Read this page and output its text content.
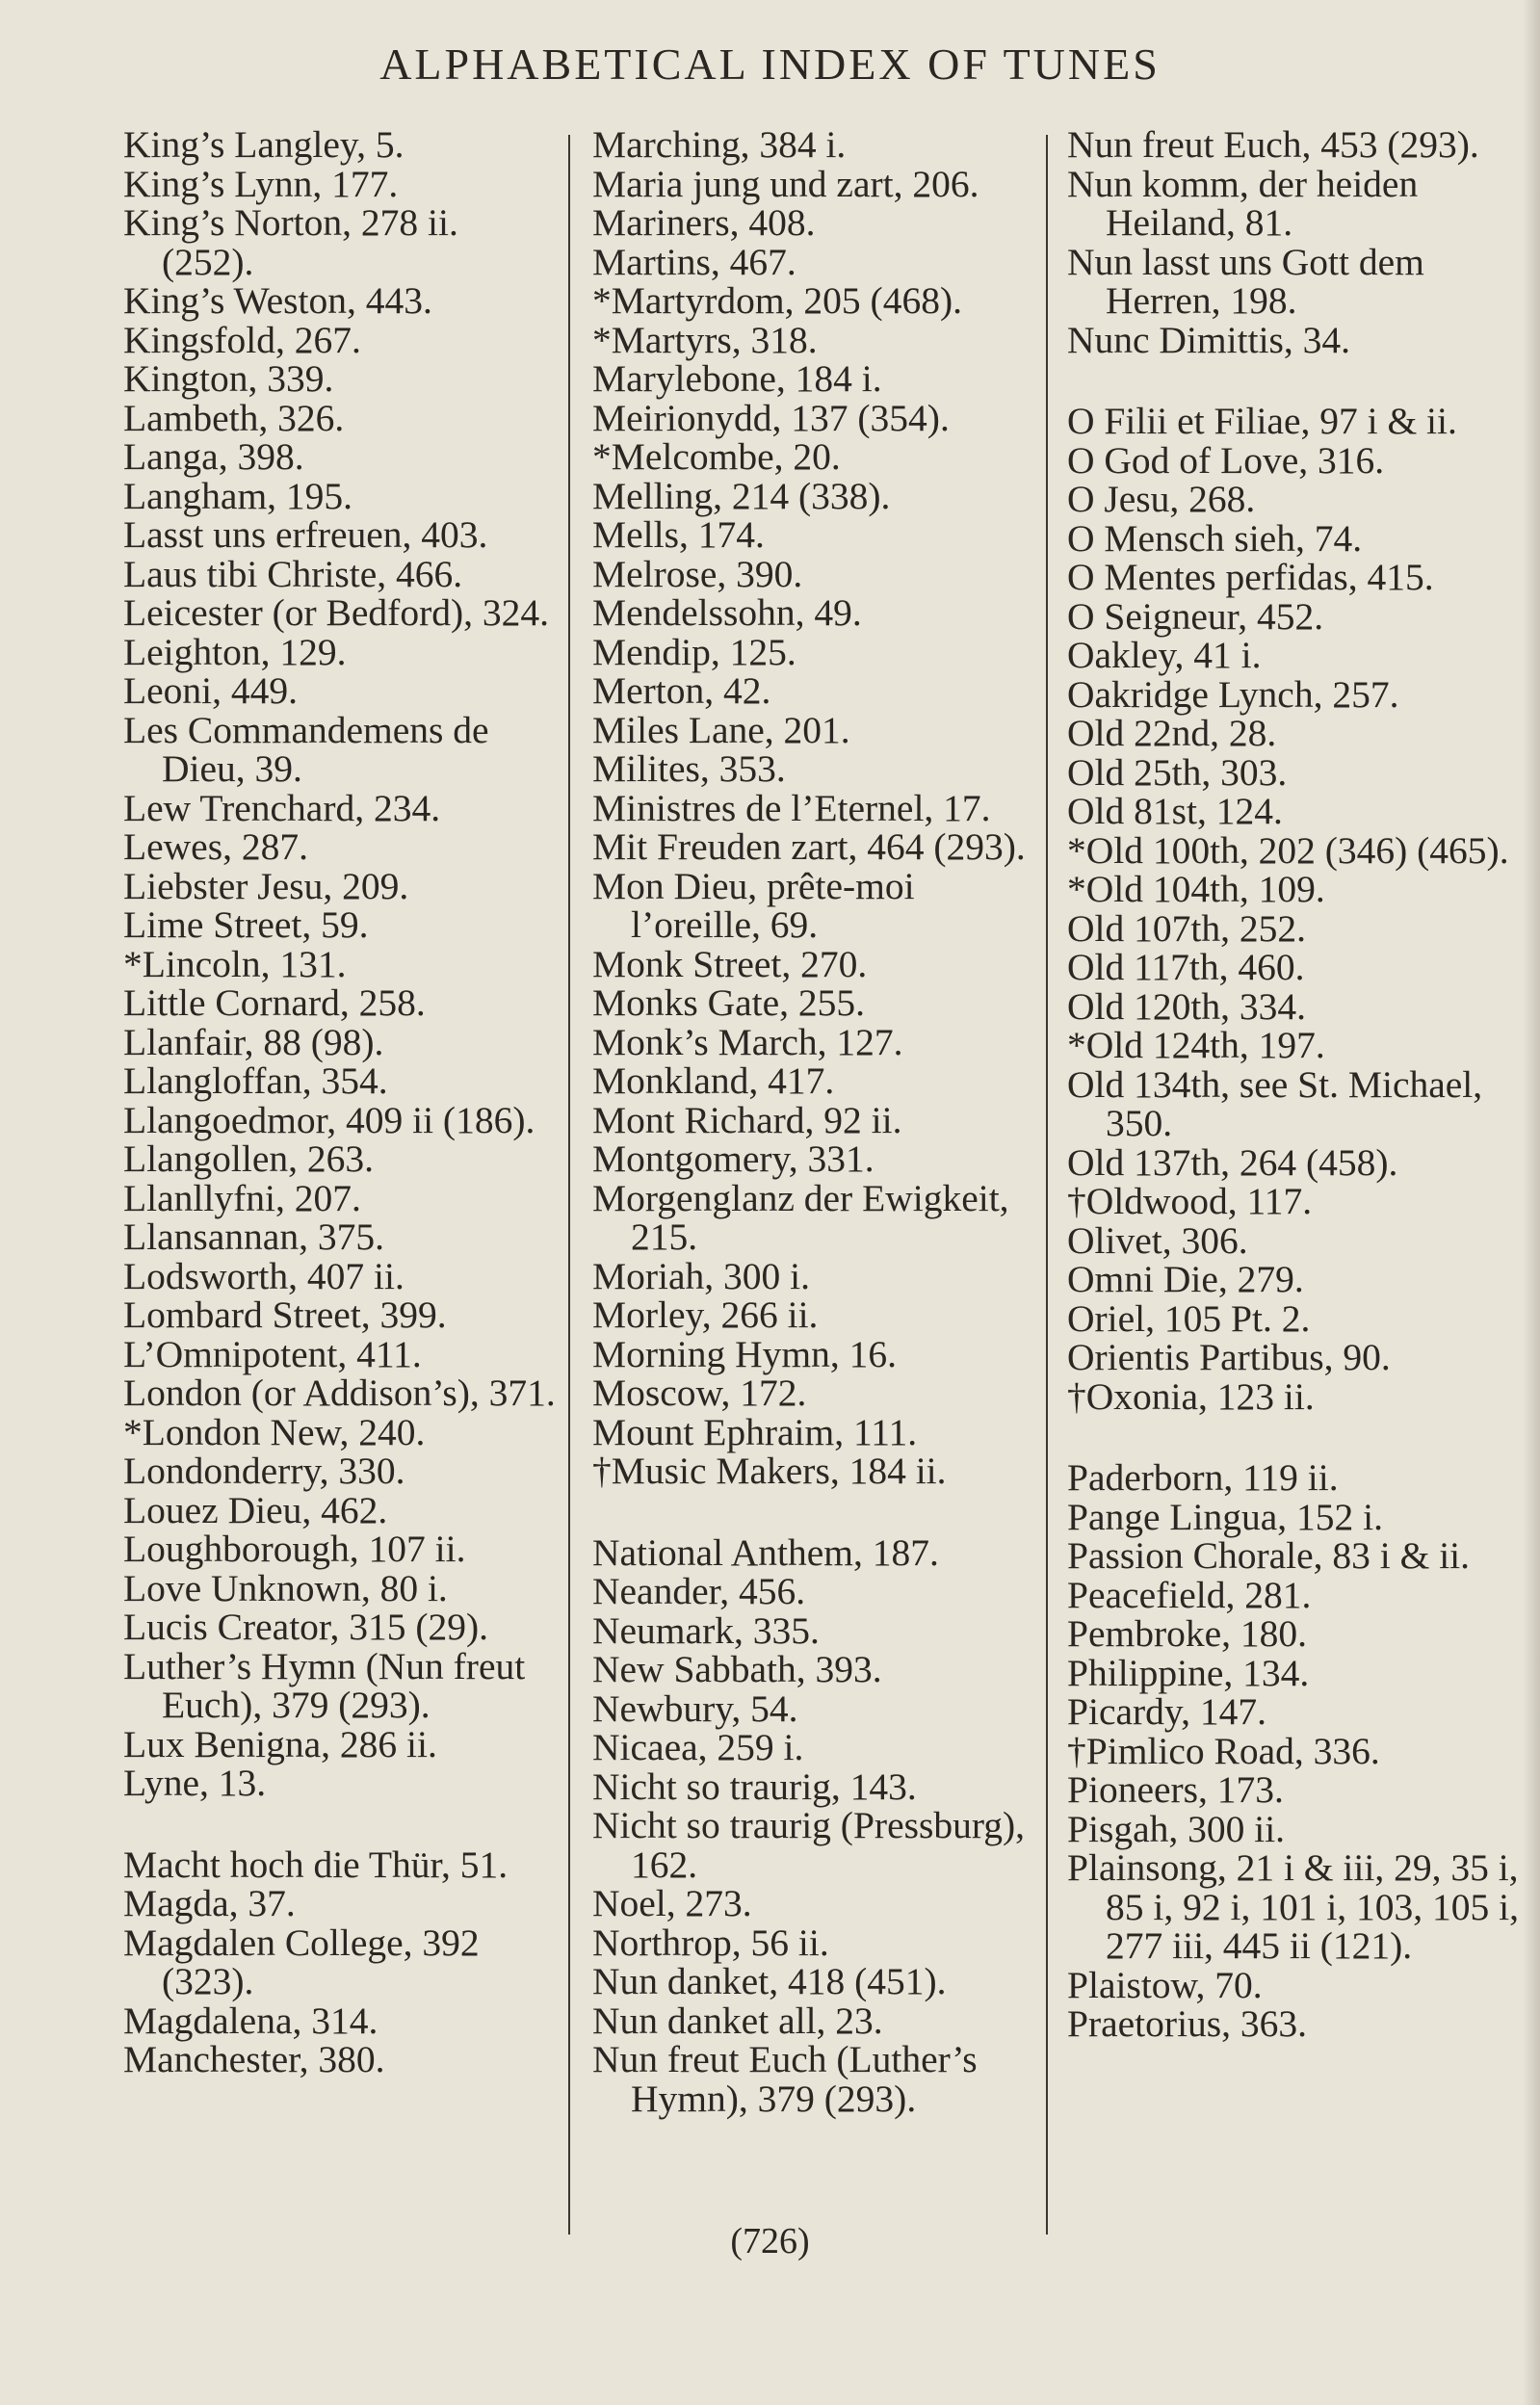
ALPHABETICAL INDEX OF TUNES
King’s Langley, 5.
King’s Lynn, 177.
King’s Norton, 278 ii. (252).
King’s Weston, 443.
Kingsfold, 267.
Kington, 339.
Lambeth, 326.
Langa, 398.
Langham, 195.
Lasst uns erfreuen, 403.
Laus tibi Christe, 466.
Leicester (or Bedford), 324.
Leighton, 129.
Leoni, 449.
Les Commandemens de Dieu, 39.
Lew Trenchard, 234.
Lewes, 287.
Liebster Jesu, 209.
Lime Street, 59.
*Lincoln, 131.
Little Cornard, 258.
Llanfair, 88 (98).
Llangloffan, 354.
Llangoedmor, 409 ii (186).
Llangollen, 263.
Llanllyfni, 207.
Llansannan, 375.
Lodsworth, 407 ii.
Lombard Street, 399.
L’Omnipotent, 411.
London (or Addison’s), 371.
*London New, 240.
Londonderry, 330.
Louez Dieu, 462.
Loughborough, 107 ii.
Love Unknown, 80 i.
Lucis Creator, 315 (29).
Luther’s Hymn (Nun freut Euch), 379 (293).
Lux Benigna, 286 ii.
Lyne, 13.
Macht hoch die Thür, 51.
Magda, 37.
Magdalen College, 392 (323).
Magdalena, 314.
Manchester, 380.
Marching, 384 i.
Maria jung und zart, 206.
Mariners, 408.
Martins, 467.
*Martyrdom, 205 (468).
*Martyrs, 318.
Marylebone, 184 i.
Meirionydd, 137 (354).
*Melcombe, 20.
Melling, 214 (338).
Mells, 174.
Melrose, 390.
Mendelssohn, 49.
Mendip, 125.
Merton, 42.
Miles Lane, 201.
Milites, 353.
Ministres de l’Eternel, 17.
Mit Freuden zart, 464 (293).
Mon Dieu, prête-moi l’oreille, 69.
Monk Street, 270.
Monks Gate, 255.
Monk’s March, 127.
Monkland, 417.
Mont Richard, 92 ii.
Montgomery, 331.
Morgenglanz der Ewigkeit, 215.
Moriah, 300 i.
Morley, 266 ii.
Morning Hymn, 16.
Moscow, 172.
Mount Ephraim, 111.
†Music Makers, 184 ii.
National Anthem, 187.
Neander, 456.
Neumark, 335.
New Sabbath, 393.
Newbury, 54.
Nicaea, 259 i.
Nicht so traurig, 143.
Nicht so traurig (Pressburg), 162.
Noel, 273.
Northrop, 56 ii.
Nun danket, 418 (451).
Nun danket all, 23.
Nun freut Euch (Luther’s Hymn), 379 (293).
Nun freut Euch, 453 (293).
Nun komm, der heiden Heiland, 81.
Nun lasst uns Gott dem Herren, 198.
Nunc Dimittis, 34.
O Filii et Filiae, 97 i & ii.
O God of Love, 316.
O Jesu, 268.
O Mensch sieh, 74.
O Mentes perfidas, 415.
O Seigneur, 452.
Oakley, 41 i.
Oakridge Lynch, 257.
Old 22nd, 28.
Old 25th, 303.
Old 81st, 124.
*Old 100th, 202 (346) (465).
*Old 104th, 109.
Old 107th, 252.
Old 117th, 460.
Old 120th, 334.
*Old 124th, 197.
Old 134th, see St. Michael, 350.
Old 137th, 264 (458).
†Oldwood, 117.
Olivet, 306.
Omni Die, 279.
Oriel, 105 Pt. 2.
Orientis Partibus, 90.
†Oxonia, 123 ii.
Paderborn, 119 ii.
Pange Lingua, 152 i.
Passion Chorale, 83 i & ii.
Peacefield, 281.
Pembroke, 180.
Philippine, 134.
Picardy, 147.
†Pimlico Road, 336.
Pioneers, 173.
Pisgah, 300 ii.
Plainsong, 21 i & iii, 29, 35 i, 85 i, 92 i, 101 i, 103, 105 i, 277 iii, 445 ii (121).
Plaistow, 70.
Praetorius, 363.
(726)
